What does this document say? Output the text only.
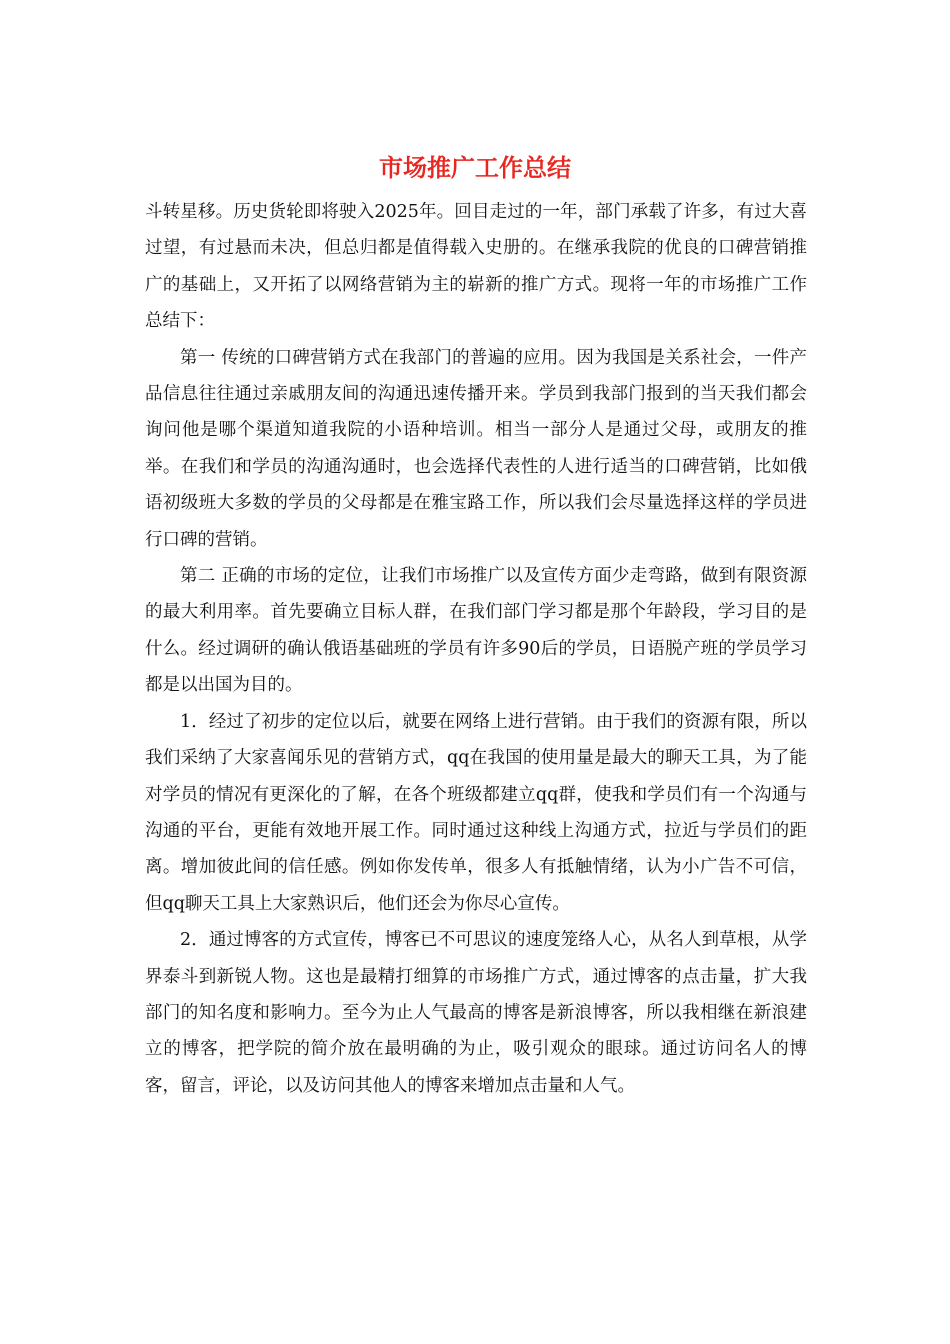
市场推广工作总结

斗转星移。历史货轮即将驶入2025年。回目走过的一年，部门承载了许多，有过大喜过望，有过悬而未决，但总归都是值得载入史册的。在继承我院的优良的口碑营销推广的基础上，又开拓了以网络营销为主的崭新的推广方式。现将一年的市场推广工作总结下：

第一 传统的口碑营销方式在我部门的普遍的应用。因为我国是关系社会，一件产品信息往往通过亲戚朋友间的沟通迅速传播开来。学员到我部门报到的当天我们都会询问他是哪个渠道知道我院的小语种培训。相当一部分人是通过父母，或朋友的推举。在我们和学员的沟通沟通时，也会选择代表性的人进行适当的口碑营销，比如俄语初级班大多数的学员的父母都是在雅宝路工作，所以我们会尽量选择这样的学员进行口碑的营销。

第二 正确的市场的定位，让我们市场推广以及宣传方面少走弯路，做到有限资源的最大利用率。首先要确立目标人群，在我们部门学习都是那个年龄段，学习目的是什么。经过调研的确认俄语基础班的学员有许多90后的学员，日语脱产班的学员学习都是以出国为目的。

1．经过了初步的定位以后，就要在网络上进行营销。由于我们的资源有限，所以我们采纳了大家喜闻乐见的营销方式，qq在我国的使用量是最大的聊天工具，为了能对学员的情况有更深化的了解，在各个班级都建立qq群，使我和学员们有一个沟通与沟通的平台，更能有效地开展工作。同时通过这种线上沟通方式，拉近与学员们的距离。增加彼此间的信任感。例如你发传单，很多人有抵触情绪，认为小广告不可信，但qq聊天工具上大家熟识后，他们还会为你尽心宣传。

2．通过博客的方式宣传，博客已不可思议的速度笼络人心，从名人到草根，从学界泰斗到新锐人物。这也是最精打细算的市场推广方式，通过博客的点击量，扩大我部门的知名度和影响力。至今为止人气最高的博客是新浪博客，所以我相继在新浪建立的博客，把学院的简介放在最明确的为止，吸引观众的眼球。通过访问名人的博客，留言，评论，以及访问其他人的博客来增加点击量和人气。
